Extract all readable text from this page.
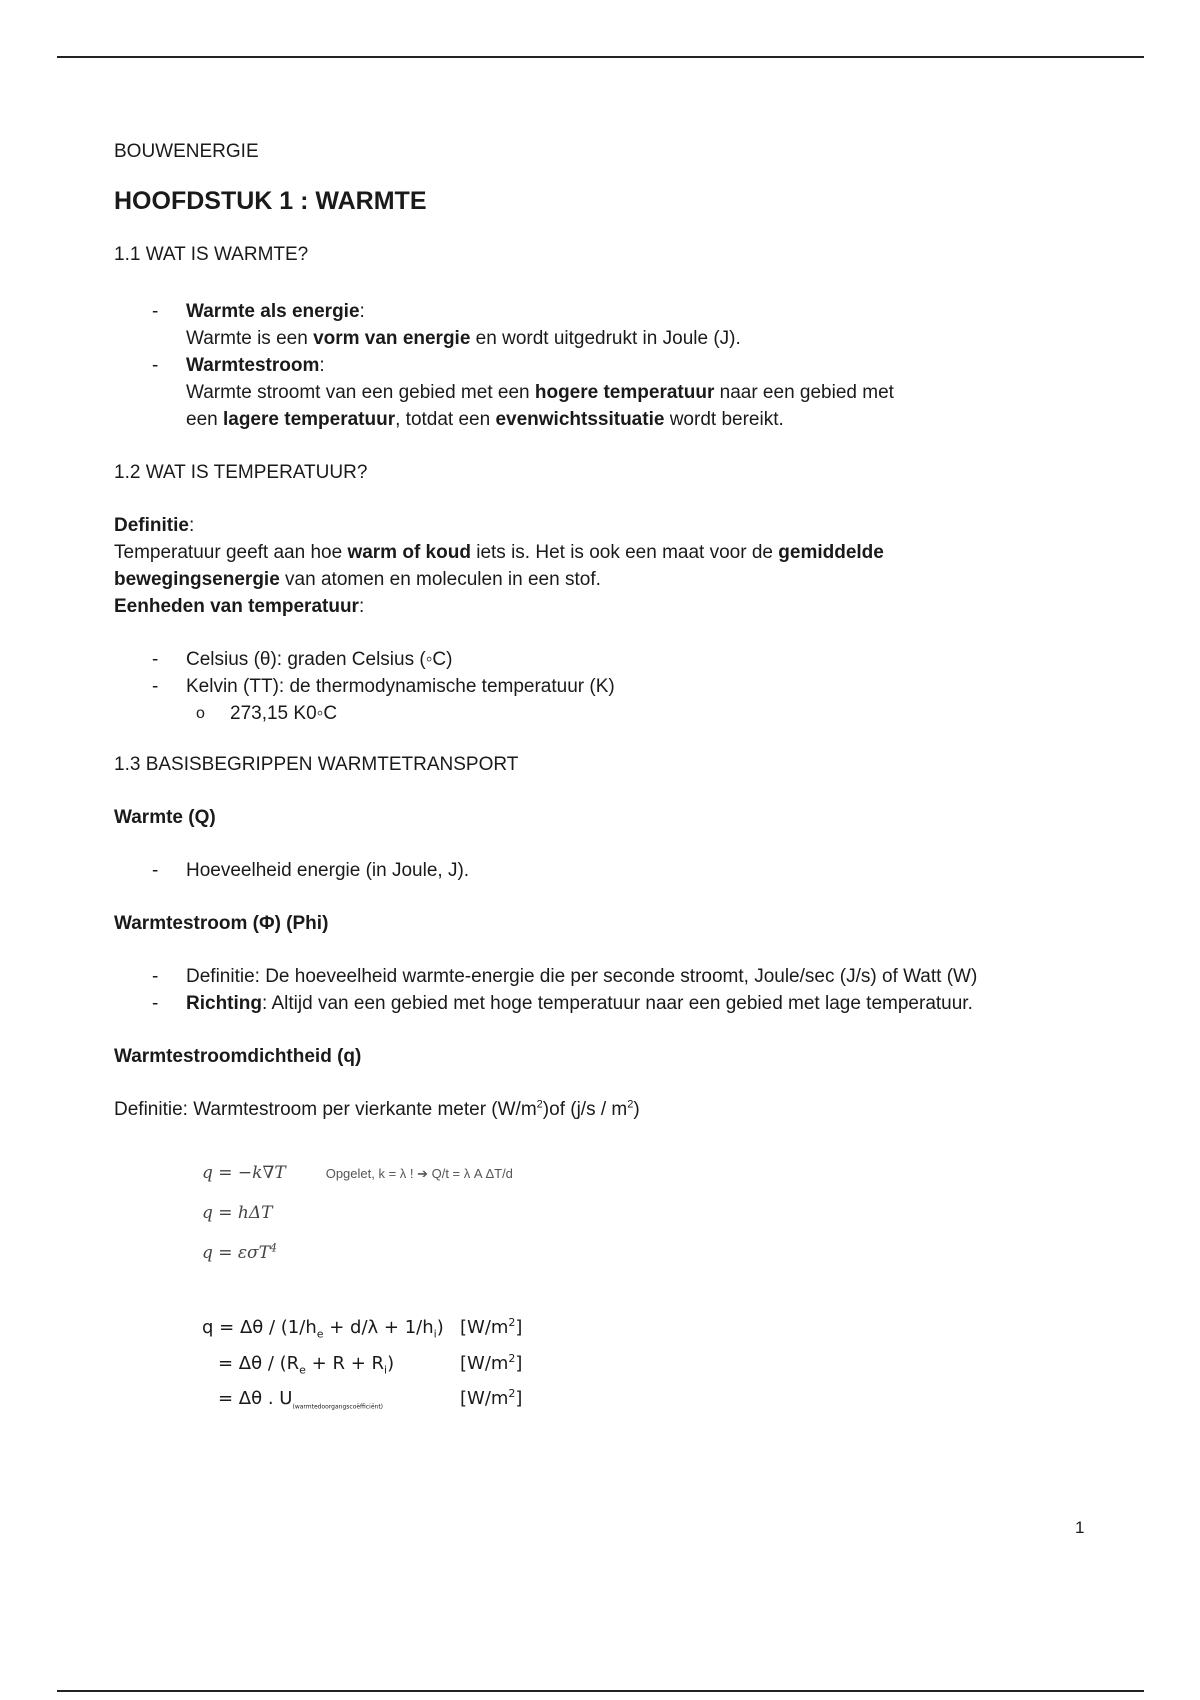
BOUWENERGIE

HOOFDSTUK 1 : WARMTE

1.1 WAT IS WARMTE?

- Warmte als energie:
Warmte is een vorm van energie en wordt uitgedrukt in Joule (J).
- Warmtestroom:
Warmte stroomt van een gebied met een hogere temperatuur naar een gebied met
een lagere temperatuur, totdat een evenwichtssituatie wordt bereikt.

1.2 WAT IS TEMPERATUUR?

Definitie:

Temperatuur geeft aan hoe warm of koud iets is. Het is ook een maat voor de gemiddelde
bewegingsenergie van atomen en moleculen in een stof.

Eenheden van temperatuur:

- Celsius (θ): graden Celsius (◦C)
- Kelvin (TT): de thermodynamische temperatuur (K)
o 273,15 K0◦C

1.3 BASISBEGRIPPEN WARMTETRANSPORT

Warmte (Q)

- Hoeveelheid energie (in Joule, J).

Warmtestroom (Φ) (Phi)

- Definitie: De hoeveelheid warmte-energie die per seconde stroomt, Joule/sec (J/s) of Watt (W)
- Richting: Altijd van een gebied met hoge temperatuur naar een gebied met lage temperatuur.

Warmtestroomdichtheid (q)

Definitie: Warmtestroom per vierkante meter $(W/m^2)of$ $(j/s / m^2)$

q = −k∇T	Opgelet, k = λ ! ➔ Q/t = λ A ΔT/d
q = hΔT
q = εσT$^4$
$q = \Delta\theta / (1/h_e + d/\lambda + 1/h_i)$ $[W/m^2]$
= $\Delta\theta / (R_e + R + R_i)$	$[W/m^2]$
= Δθ . $U_{(warmtedoorgangscoëfficiënt)}$	$[W/m^2]$
1
